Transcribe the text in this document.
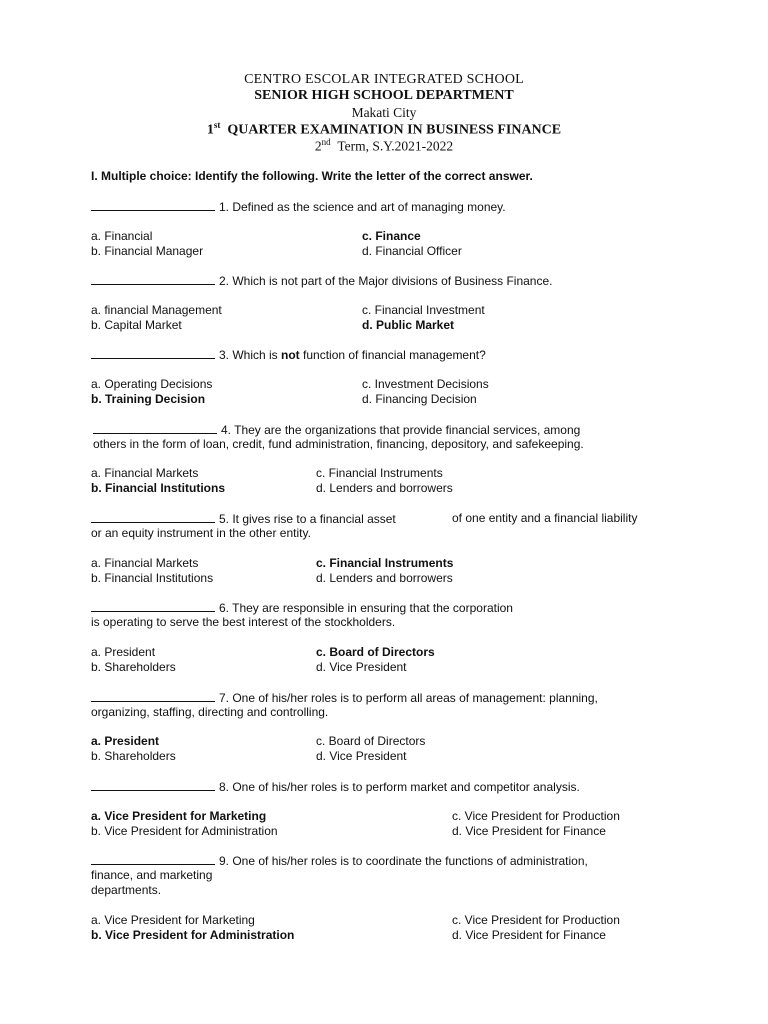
CENTRO ESCOLAR INTEGRATED SCHOOL
SENIOR HIGH SCHOOL DEPARTMENT
Makati City
1st QUARTER EXAMINATION IN BUSINESS FINANCE
2nd Term, S.Y.2021-2022
I. Multiple choice: Identify the following. Write the letter of the correct answer.
1. Defined as the science and art of managing money.
a. Financial	c. Finance
b. Financial Manager	d. Financial Officer
2. Which is not part of the Major divisions of Business Finance.
a. financial Management	c. Financial Investment
b. Capital Market	d. Public Market
3. Which is not function of financial management?
a. Operating Decisions	c. Investment Decisions
b. Training Decision	d. Financing Decision
4. They are the organizations that provide financial services, among
others in the form of loan, credit, fund administration, financing, depository, and safekeeping.
a. Financial Markets	c. Financial Instruments
b. Financial Institutions	d. Lenders and borrowers
5. It gives rise to a financial asset	of one entity and a financial liability
or an equity instrument in the other entity.
a. Financial Markets	c. Financial Instruments
b. Financial Institutions	d. Lenders and borrowers
6. They are responsible in ensuring that the corporation
is operating to serve the best interest of the stockholders.
a. President	c. Board of Directors
b. Shareholders	d. Vice President
7. One of his/her roles is to perform all areas of management: planning,
organizing, staffing, directing and controlling.
a. President	c. Board of Directors
b. Shareholders	d. Vice President
8. One of his/her roles is to perform market and competitor analysis.
a. Vice President for Marketing	c. Vice President for Production
b. Vice President for Administration	d. Vice President for Finance
9. One of his/her roles is to coordinate the functions of administration,
finance, and marketing
departments.
a. Vice President for Marketing	c. Vice President for Production
b. Vice President for Administration	d. Vice President for Finance
